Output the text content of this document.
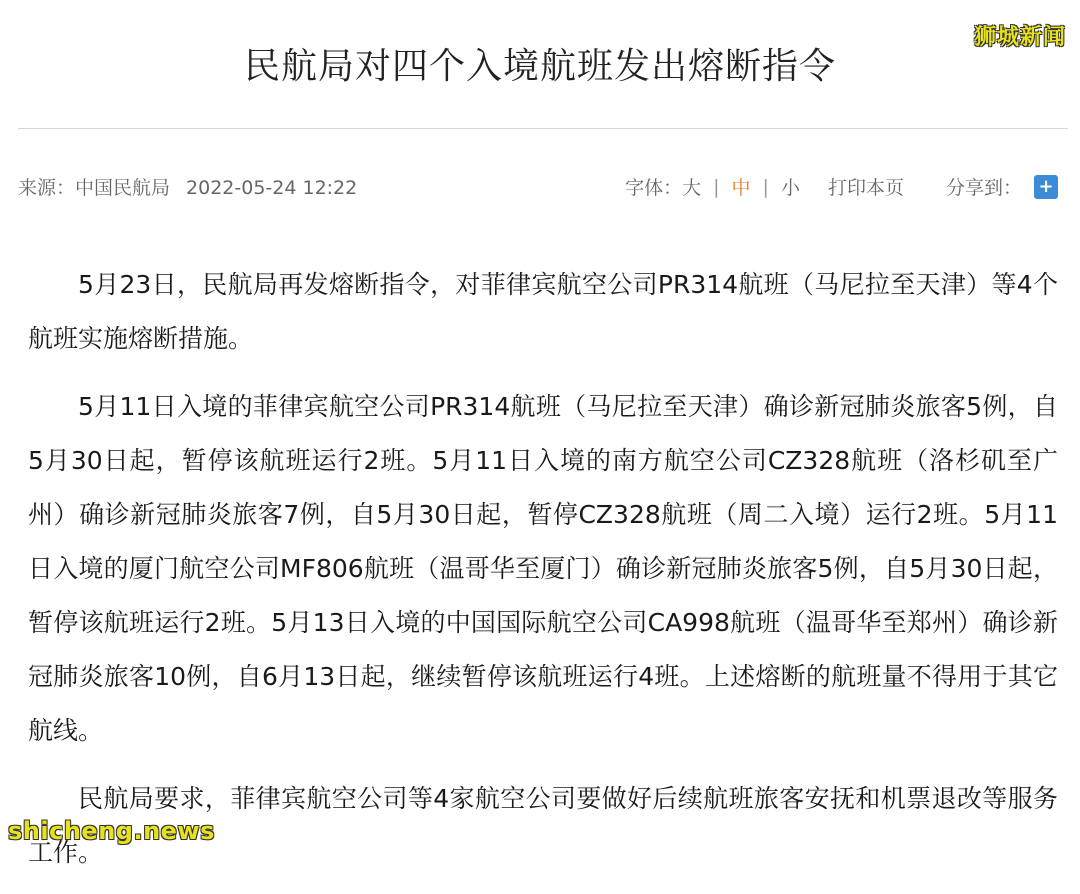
狮城新闻
民航局对四个入境航班发出熔断指令
来源：中国民航局 2022-05-24 12:22	字体： 大 | 中 | 小 打印本页 分享到： +

5月23日，民航局再发熔断指令，对菲律宾航空公司PR314航班（马尼拉至天津）等4个航班实施熔断措施。

5月11日入境的菲律宾航空公司PR314航班（马尼拉至天津）确诊新冠肺炎旅客5例，自5月30日起，暂停该航班运行2班。5月11日入境的南方航空公司CZ328航班（洛杉矶至广州）确诊新冠肺炎旅客7例，自5月30日起，暂停CZ328航班（周二入境）运行2班。5月11日入境的厦门航空公司MF806航班（温哥华至厦门）确诊新冠肺炎旅客5例，自5月30日起，暂停该航班运行2班。5月13日入境的中国国际航空公司CA998航班（温哥华至郑州）确诊新冠肺炎旅客10例，自6月13日起，继续暂停该航班运行4班。上述熔断的航班量不得用于其它航线。

民航局要求，菲律宾航空公司等4家航空公司要做好后续航班旅客安抚和机票退改等服务工作。

shicheng.news
